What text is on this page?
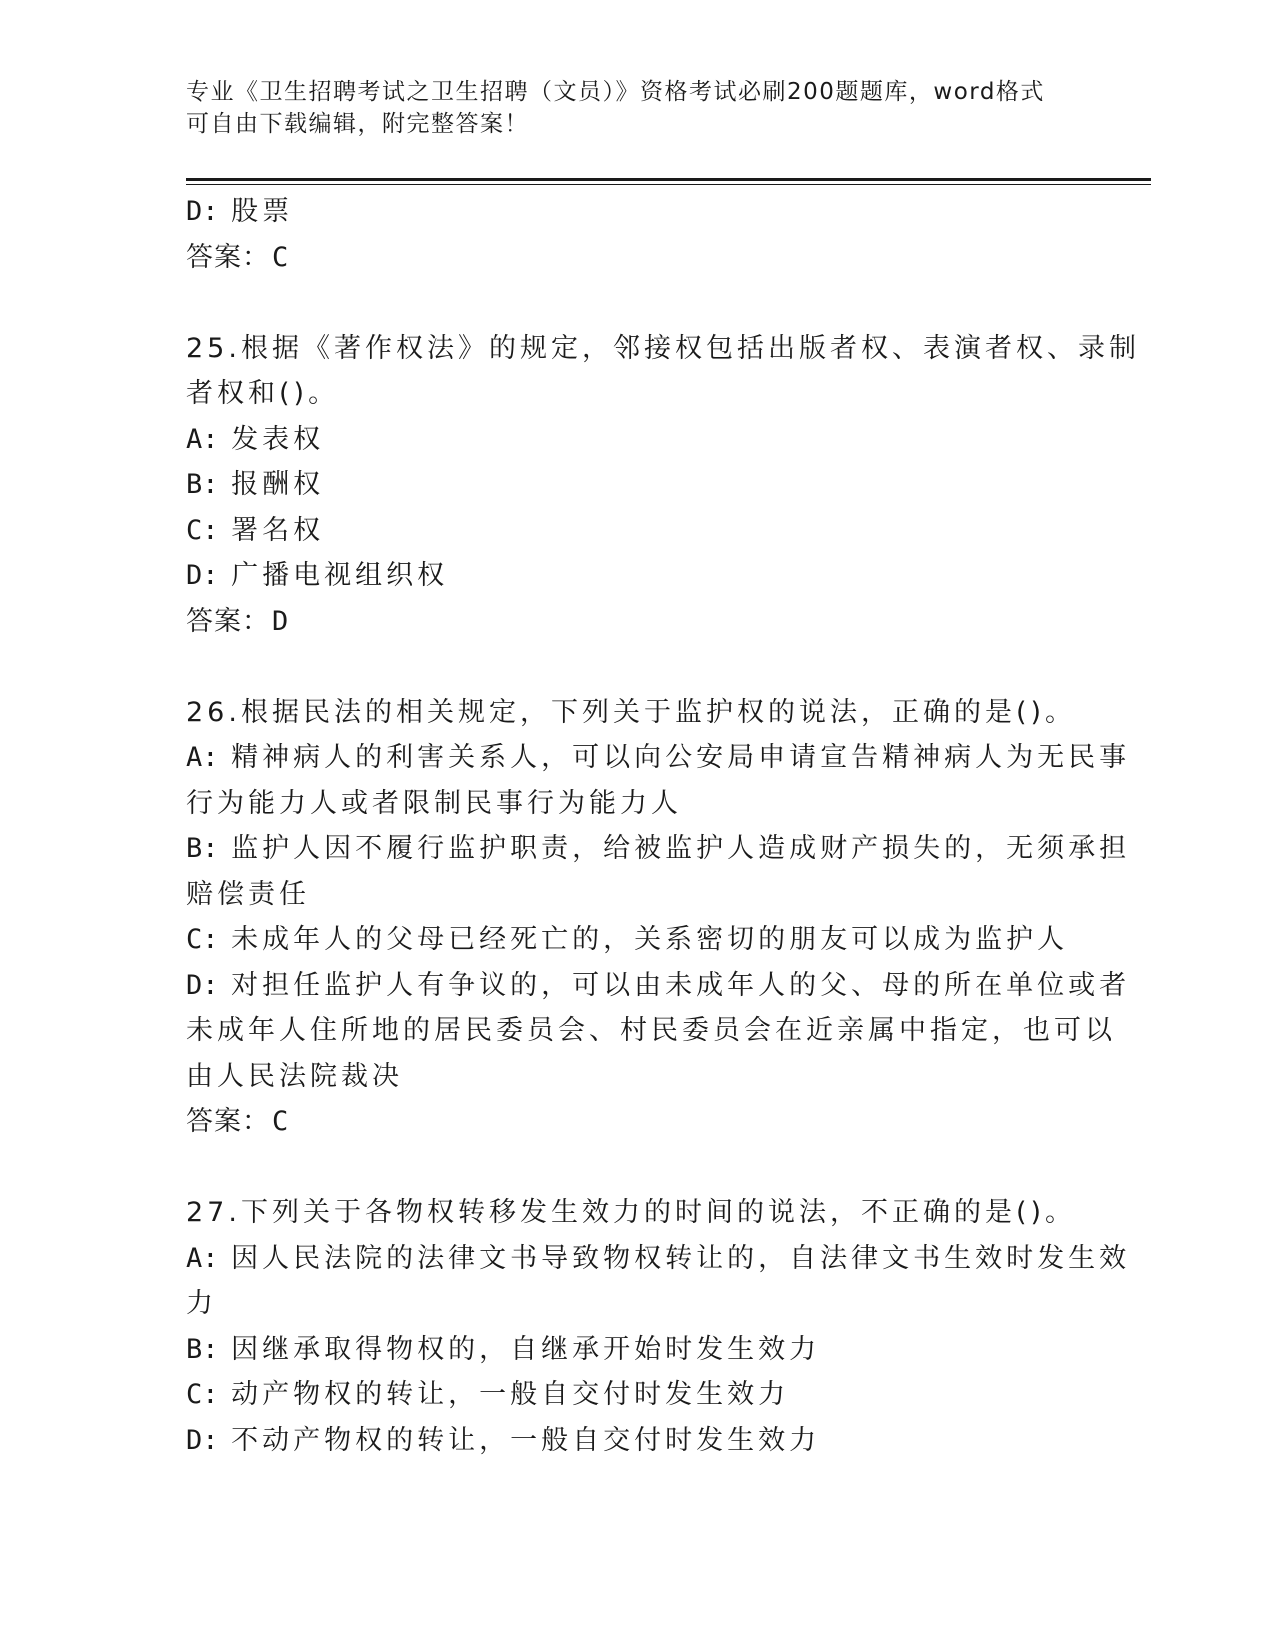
专业《卫生招聘考试之卫生招聘（文员）》资格考试必刷200题题库，word格式
可自由下载编辑，附完整答案！
D: 股票
答案：C
25.根据《著作权法》的规定，邻接权包括出版者权、表演者权、录制
者权和()。
A: 发表权
B: 报酬权
C: 署名权
D: 广播电视组织权
答案：D
26.根据民法的相关规定，下列关于监护权的说法，正确的是()。
A: 精神病人的利害关系人，可以向公安局申请宣告精神病人为无民事
行为能力人或者限制民事行为能力人
B: 监护人因不履行监护职责，给被监护人造成财产损失的，无须承担
赔偿责任
C: 未成年人的父母已经死亡的，关系密切的朋友可以成为监护人
D: 对担任监护人有争议的，可以由未成年人的父、母的所在单位或者
未成年人住所地的居民委员会、村民委员会在近亲属中指定，也可以
由人民法院裁决
答案：C
27.下列关于各物权转移发生效力的时间的说法，不正确的是()。
A: 因人民法院的法律文书导致物权转让的，自法律文书生效时发生效
力
B: 因继承取得物权的，自继承开始时发生效力
C: 动产物权的转让，一般自交付时发生效力
D: 不动产物权的转让，一般自交付时发生效力
